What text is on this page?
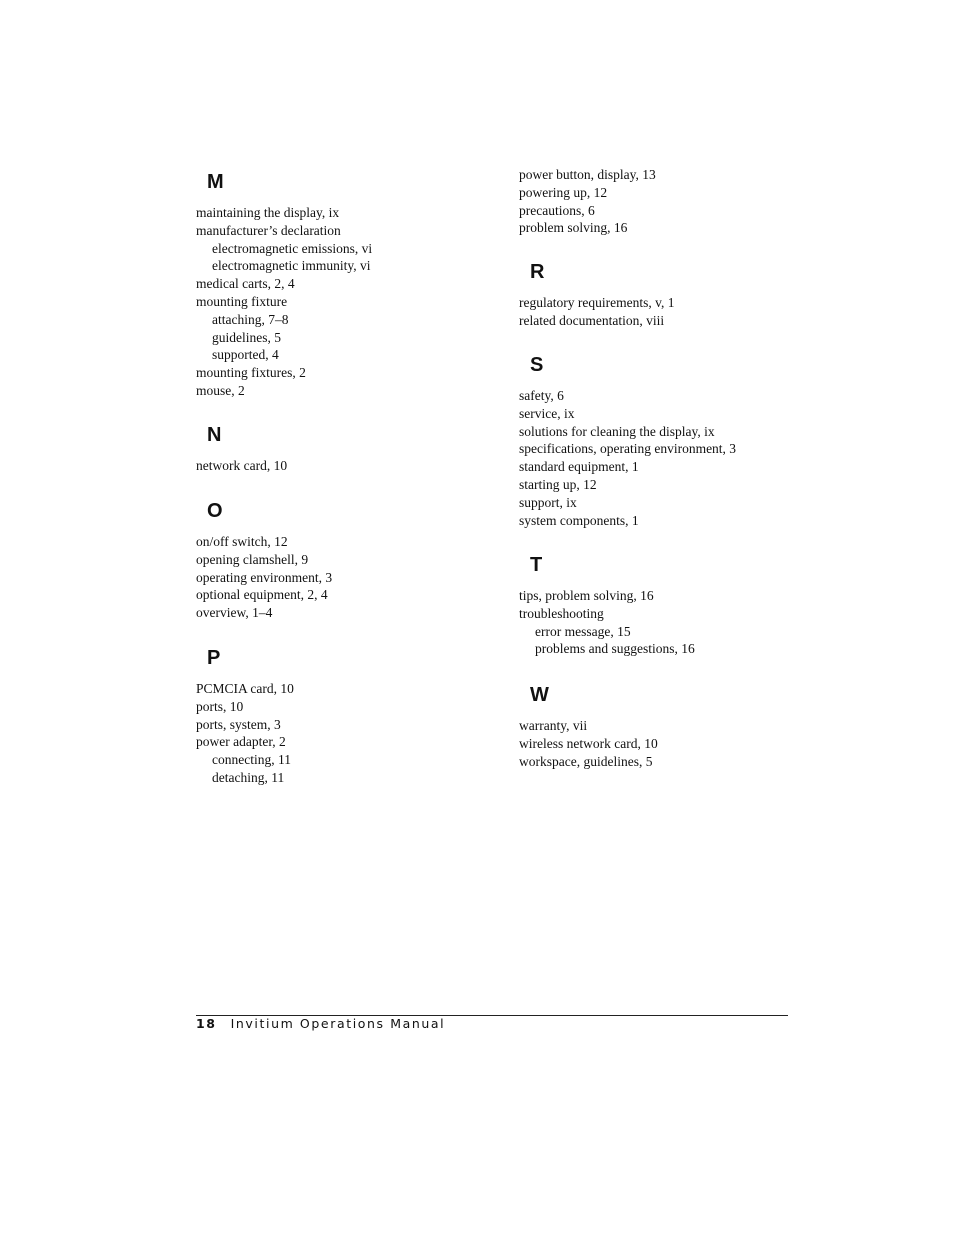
M
maintaining the display, ix
manufacturer’s declaration
electromagnetic emissions, vi
electromagnetic immunity, vi
medical carts, 2, 4
mounting fixture
attaching, 7–8
guidelines, 5
supported, 4
mounting fixtures, 2
mouse, 2
N
network card, 10
O
on/off switch, 12
opening clamshell, 9
operating environment, 3
optional equipment, 2, 4
overview, 1–4
P
PCMCIA card, 10
ports, 10
ports, system, 3
power adapter, 2
connecting, 11
detaching, 11
power button, display, 13
powering up, 12
precautions, 6
problem solving, 16
R
regulatory requirements, v, 1
related documentation, viii
S
safety, 6
service, ix
solutions for cleaning the display, ix
specifications, operating environment, 3
standard equipment, 1
starting up, 12
support, ix
system components, 1
T
tips, problem solving, 16
troubleshooting
error message, 15
problems and suggestions, 16
W
warranty, vii
wireless network card, 10
workspace, guidelines, 5
18 Invitium Operations Manual
